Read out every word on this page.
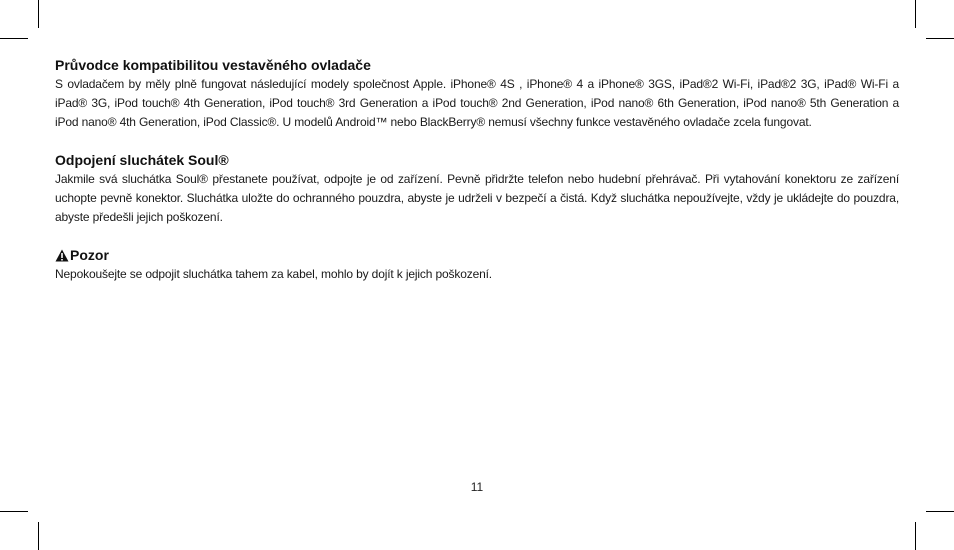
Průvodce kompatibilitou vestavěného ovladače

S ovladačem by měly plně fungovat následující modely společnost Apple. iPhone® 4S , iPhone® 4 a iPhone® 3GS, iPad®2 Wi-Fi, iPad®2 3G, iPad® Wi-Fi a iPad® 3G, iPod touch® 4th Generation, iPod touch® 3rd Generation a iPod touch® 2nd Generation, iPod nano® 6th Generation, iPod nano® 5th Generation a iPod nano® 4th Generation, iPod Classic®. U modelů Android™ nebo BlackBerry® nemusí všechny funkce vestavěného ovladače zcela fungovat.

Odpojení sluchátek Soul®

Jakmile svá sluchátka Soul® přestanete používat, odpojte je od zařízení. Pevně přidržte telefon nebo hudební přehrávač. Při vytahování konektoru ze zařízení uchopte pevně konektor. Sluchátka uložte do ochranného pouzdra, abyste je udrželi v bezpečí a čistá. Když sluchátka nepoužívejte, vždy je ukládejte do pouzdra, abyste předešli jejich poškození.

Pozor

Nepokoušejte se odpojit sluchátka tahem za kabel, mohlo by dojít k jejich poškození.

11
